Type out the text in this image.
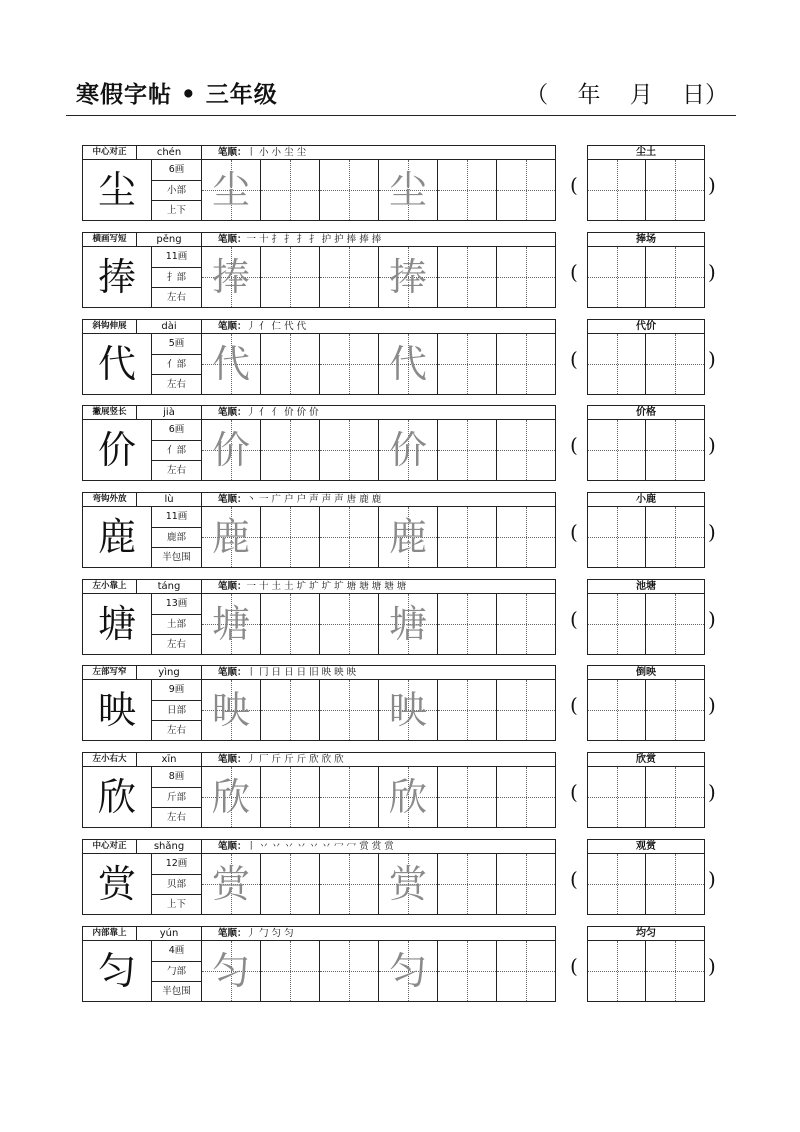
寒假字帖 • 三年级	（    年    月    日）
中心对正	chén
尘	6画
小部
上下
笔顺：丨 小 小 尘 尘
尘	尘	(
尘土
)
横画写短	pěng
捧	11画
扌部
左右
笔顺：一 十 扌 扌 扌 扌 护 护 捧 捧 捧
捧	捧	(
捧场
)
斜钩伸展	dài
代	5画
亻部
左右
笔顺：丿 亻 仁 代 代
代	代	(
代价
)
撇展竖长	jià
价	6画
亻部
左右
笔顺：丿 亻 亻 价 价 价
价	价	(
价格
)
弯钩外放	lù
鹿	11画
鹿部
半包围
笔顺：丶 一 广 户 户 声 声 声 唐 鹿 鹿
鹿	鹿	(
小鹿
)
左小靠上	táng
塘	13画
土部
左右
笔顺：一 十 土 土 圹 圹 圹 圹 塘 塘 塘 塘 塘
塘	塘	(
池塘
)
左部写窄	yìng
映	9画
日部
左右
笔顺：丨 冂 日 日 日 旧 映 映 映
映	映	(
倒映
)
左小右大	xīn
欣	8画
斤部
左右
笔顺：丿 厂 斤 斤 斤 欣 欣 欣
欣	欣	(
欣赏
)
中心对正	shǎng
赏	12画
贝部
上下
笔顺：丨 丷 丷 丷 丷 丷 丷 冖 冖 赏 赏 赏
赏	赏	(
观赏
)
内部靠上	yún
匀	4画
勹部
半包围
笔顺：丿 勹 匀 匀
匀	匀	(
均匀
)
